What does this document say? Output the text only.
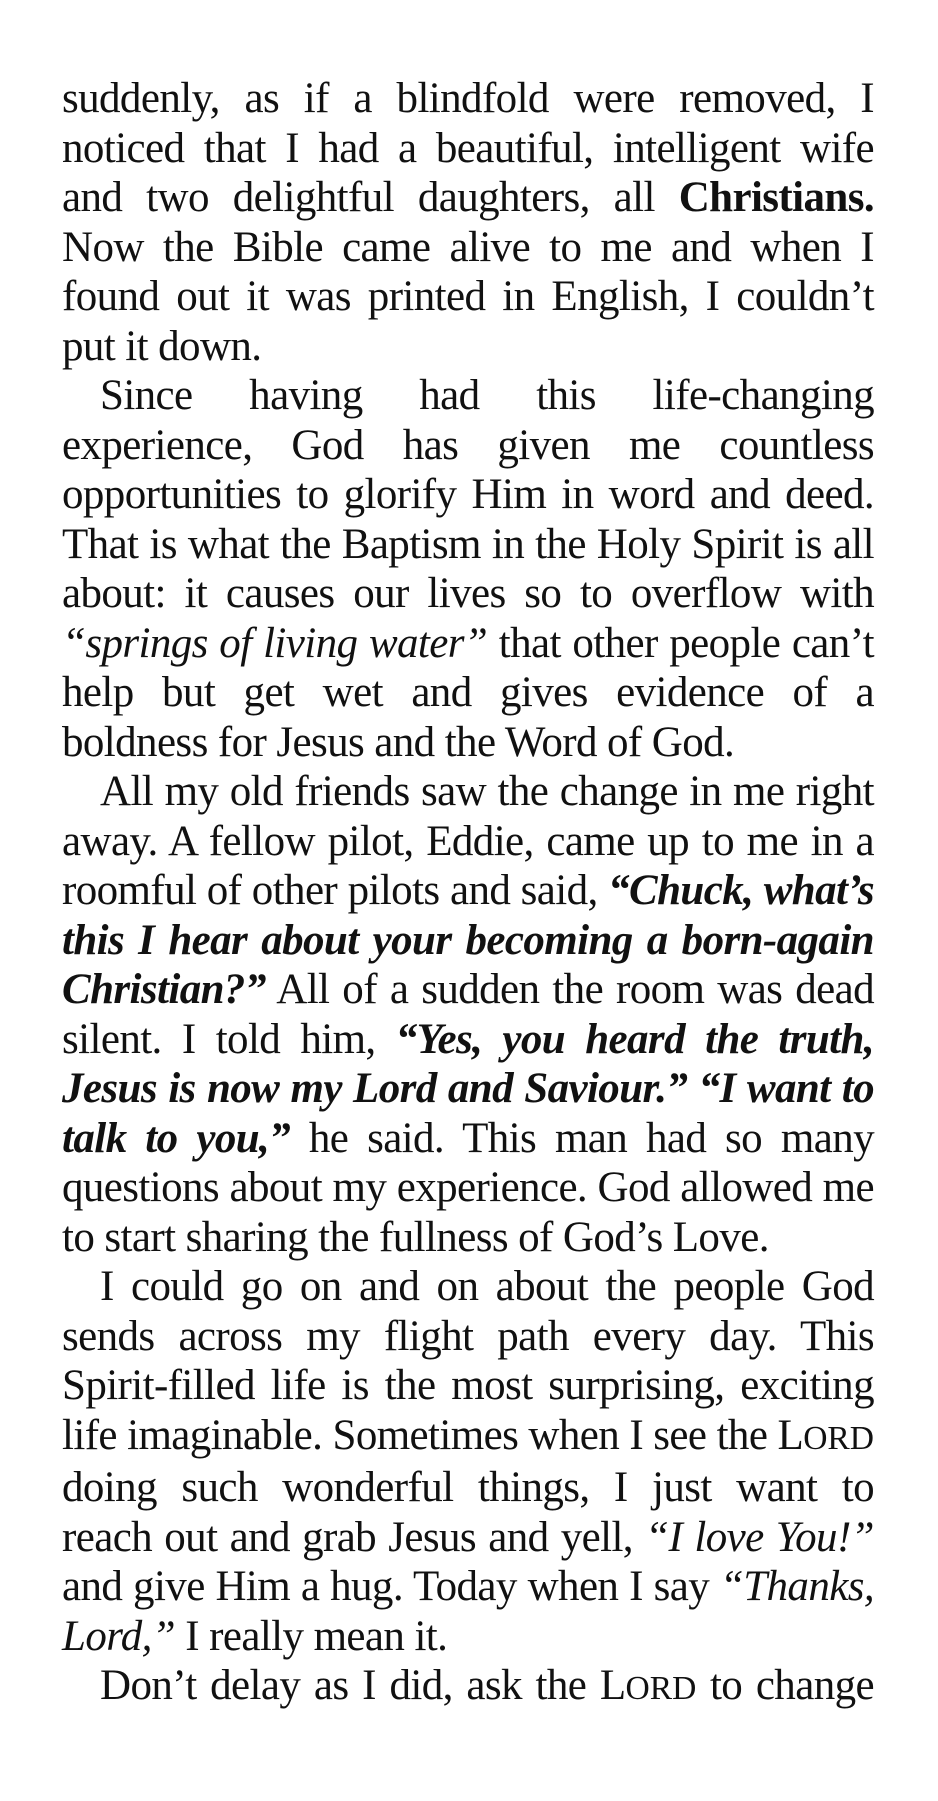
suddenly, as if a blindfold were removed, I noticed that I had a beautiful, intelligent wife and two delightful daughters, all Christians. Now the Bible came alive to me and when I found out it was printed in English, I couldn’t put it down.

Since having had this life-changing experience, God has given me countless opportunities to glorify Him in word and deed. That is what the Baptism in the Holy Spirit is all about: it causes our lives so to overflow with “springs of living water” that other people can’t help but get wet and gives evidence of a boldness for Jesus and the Word of God.

All my old friends saw the change in me right away. A fellow pilot, Eddie, came up to me in a roomful of other pilots and said, “Chuck, what’s this I hear about your becoming a born-again Christian?” All of a sudden the room was dead silent. I told him, “Yes, you heard the truth, Jesus is now my Lord and Saviour.” “I want to talk to you,” he said. This man had so many questions about my experience. God allowed me to start sharing the fullness of God’s Love.

I could go on and on about the people God sends across my flight path every day. This Spirit-filled life is the most surprising, exciting life imaginable. Sometimes when I see the LORD doing such wonderful things, I just want to reach out and grab Jesus and yell, “I love You!” and give Him a hug. Today when I say “Thanks, Lord,” I really mean it.

Don’t delay as I did, ask the LORD to change
